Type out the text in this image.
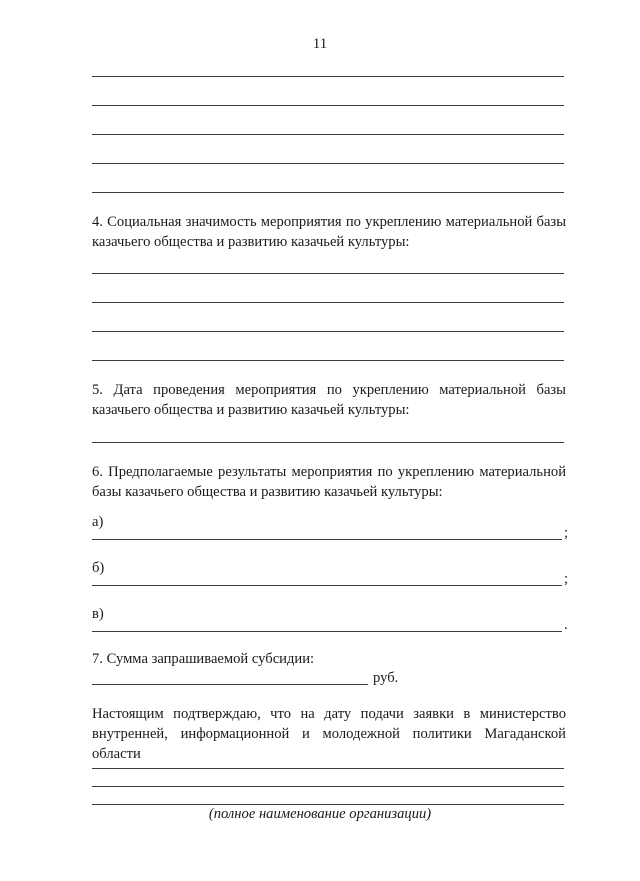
11
4. Социальная значимость мероприятия по укреплению материальной базы казачьего общества и развитию казачьей культуры:
5. Дата проведения мероприятия по укреплению материальной базы казачьего общества и развитию казачьей культуры:
6. Предполагаемые результаты мероприятия по укреплению материальной базы казачьего общества и развитию казачьей культуры:
а)
;
б)
;
в)
.
7. Сумма запрашиваемой субсидии:
руб.
Настоящим подтверждаю, что на дату подачи заявки в министерство внутренней, информационной и молодежной политики Магаданской области
(полное наименование организации)
